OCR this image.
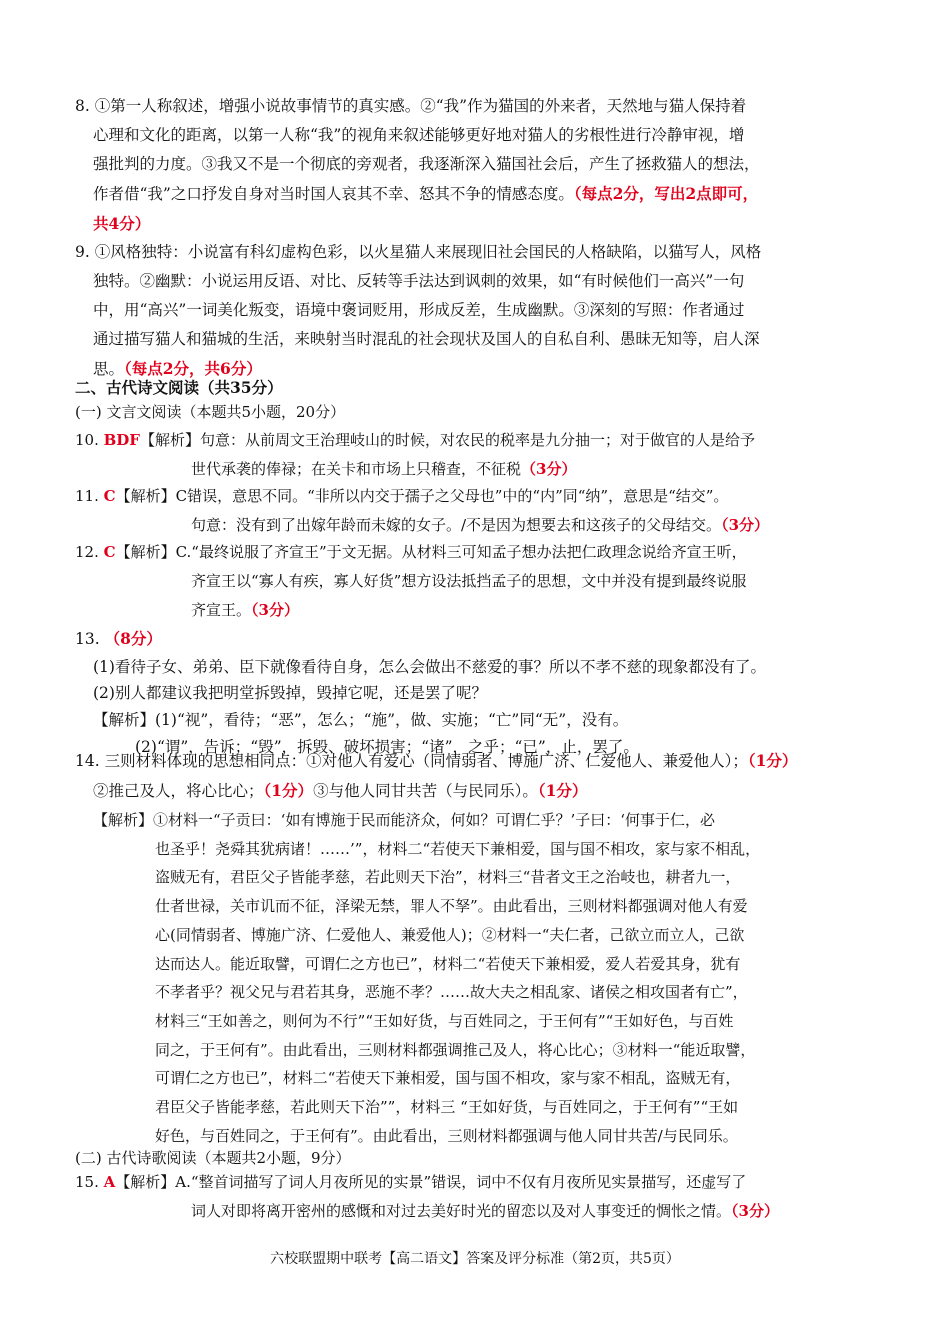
8. ①第一人称叙述，增强小说故事情节的真实感。②“我”作为猫国的外来者，天然地与猫人保持着

心理和文化的距离，以第一人称“我”的视角来叙述能够更好地对猫人的劣根性进行冷静审视，增

强批判的力度。③我又不是一个彻底的旁观者，我逐渐深入猫国社会后，产生了拯救猫人的想法，

作者借“我”之口抒发自身对当时国人哀其不幸、怒其不争的情感态度。（每点2分，写出2点即可，

共4分）

9. ①风格独特：小说富有科幻虚构色彩，以火星猫人来展现旧社会国民的人格缺陷，以猫写人，风格

独特。②幽默：小说运用反语、对比、反转等手法达到讽刺的效果，如“有时候他们一高兴”一句

中，用“高兴”一词美化叛变，语境中褒词贬用，形成反差，生成幽默。③深刻的写照：作者通过

通过描写猫人和猫城的生活，来映射当时混乱的社会现状及国人的自私自利、愚昧无知等，启人深

思。（每点2分，共6分）

二、古代诗文阅读（共35分）
(一) 文言文阅读（本题共5小题，20分）

10. BDF【解析】句意：从前周文王治理岐山的时候，对农民的税率是九分抽一；对于做官的人是给予

世代承袭的俸禄；在关卡和市场上只稽查，不征税（3分）

11. C【解析】C错误，意思不同。“非所以内交于孺子之父母也”中的“内”同“纳”，意思是“结交”。

句意：没有到了出嫁年龄而未嫁的女子。/不是因为想要去和这孩子的父母结交。（3分）

12. C【解析】C.“最终说服了齐宣王”于文无据。从材料三可知孟子想办法把仁政理念说给齐宣王听，

齐宣王以“寡人有疾，寡人好货”想方设法抵挡孟子的思想，文中并没有提到最终说服

齐宣王。（3分）

13. （8分）

(1)看待子女、弟弟、臣下就像看待自身，怎么会做出不慈爱的事？所以不孝不慈的现象都没有了。

(2)别人都建议我把明堂拆毁掉，毁掉它呢，还是罢了呢？

【解析】(1)“视”，看待；“恶”，怎么；“施”，做、实施；“亡”同“无”，没有。

(2)“谓”，告诉；“毁”，拆毁、破坏损害；“诸”，之乎；“已”，止，罢了。

14. 三则材料体现的思想相同点：①对他人有爱心（同情弱者、博施广济、仁爱他人、兼爱他人）；（1分）

②推己及人，将心比心；（1分）③与他人同甘共苦（与民同乐）。（1分）

【解析】①材料一“子贡曰：‘如有博施于民而能济众，何如？可谓仁乎？’子曰：‘何事于仁，必

也圣乎！尧舜其犹病诸！……’”，材料二“若使天下兼相爱，国与国不相攻，家与家不相乱，

盗贼无有，君臣父子皆能孝慈，若此则天下治”，材料三“昔者文王之治岐也，耕者九一，

仕者世禄，关市讥而不征，泽梁无禁，罪人不孥”。由此看出，三则材料都强调对他人有爱

心(同情弱者、博施广济、仁爱他人、兼爱他人)；②材料一“夫仁者，己欲立而立人，己欲

达而达人。能近取譬，可谓仁之方也已”，材料二“若使天下兼相爱，爱人若爱其身，犹有

不孝者乎？视父兄与君若其身，恶施不孝？……故大夫之相乱家、诸侯之相攻国者有亡”，

材料三“王如善之，则何为不行”“王如好货，与百姓同之，于王何有”“王如好色，与百姓

同之，于王何有”。由此看出，三则材料都强调推己及人，将心比心；③材料一“能近取譬，

可谓仁之方也已”，材料二“若使天下兼相爱，国与国不相攻，家与家不相乱，盗贼无有，

君臣父子皆能孝慈，若此则天下治””，材料三 “王如好货，与百姓同之，于王何有”“王如

好色，与百姓同之，于王何有”。由此看出，三则材料都强调与他人同甘共苦/与民同乐。

(二) 古代诗歌阅读（本题共2小题，9分）

15. A【解析】A.“整首词描写了词人月夜所见的实景”错误，词中不仅有月夜所见实景描写，还虚写了

词人对即将离开密州的感慨和对过去美好时光的留恋以及对人事变迁的惆怅之情。（3分）

六校联盟期中联考【高二语文】答案及评分标准（第2页，共5页）
